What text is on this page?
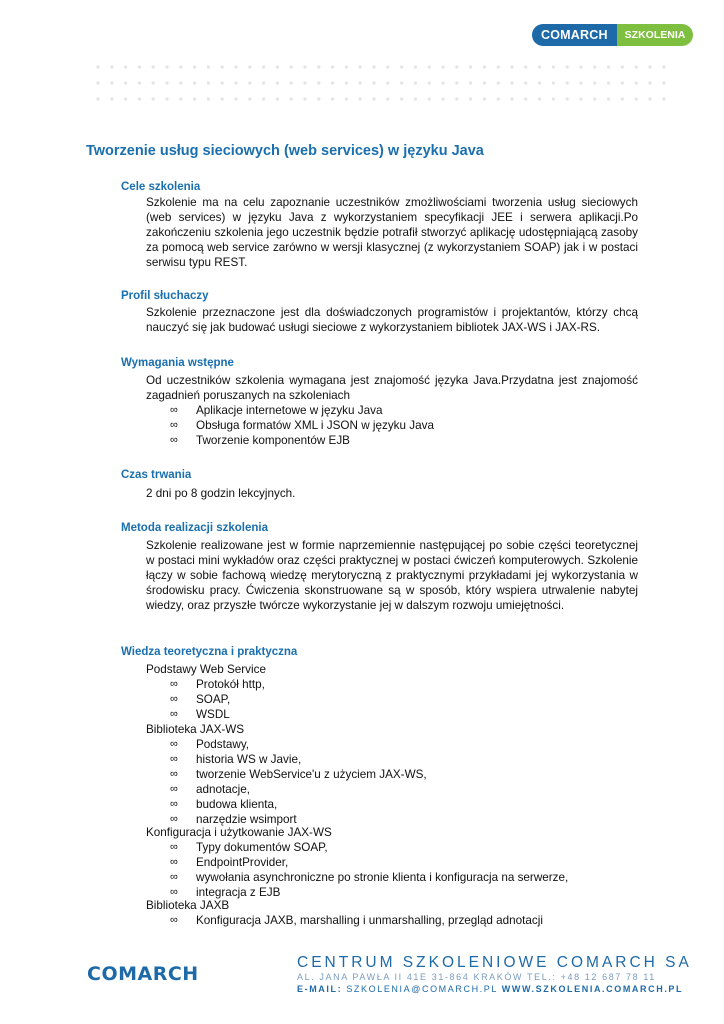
COMARCH	SZKOLENIA
Tworzenie usług sieciowych (web services) w języku Java
Cele szkolenia
Szkolenie ma na celu zapoznanie uczestników zmożliwościami tworzenia usług sieciowych (web services) w języku Java z wykorzystaniem specyfikacji JEE i serwera aplikacji.Po zakończeniu szkolenia jego uczestnik będzie potrafił stworzyć aplikację udostępniającą zasoby za pomocą web service zarówno w wersji klasycznej (z wykorzystaniem SOAP) jak i w postaci serwisu typu REST.
Profil słuchaczy
Szkolenie przeznaczone jest dla doświadczonych programistów i projektantów, którzy chcą nauczyć się jak budować usługi sieciowe z wykorzystaniem bibliotek JAX-WS i JAX-RS.
Wymagania wstępne
Od uczestników szkolenia wymagana jest znajomość języka Java.Przydatna jest znajomość zagadnień poruszanych na szkoleniach
∞	Aplikacje internetowe w języku Java
∞	Obsługa formatów XML i JSON w języku Java
∞	Tworzenie komponentów EJB
Czas trwania
2 dni po 8 godzin lekcyjnych.
Metoda realizacji szkolenia
Szkolenie realizowane jest w formie naprzemiennie następującej po sobie części teoretycznej w postaci mini wykładów oraz części praktycznej w postaci ćwiczeń komputerowych. Szkolenie łączy w sobie fachową wiedzę merytoryczną z praktycznymi przykładami jej wykorzystania w środowisku pracy. Ćwiczenia skonstruowane są w sposób, który wspiera utrwalenie nabytej wiedzy, oraz przyszłe twórcze wykorzystanie jej w dalszym rozwoju umiejętności.
Wiedza teoretyczna i praktyczna
Podstawy Web Service
∞	Protokół http,
∞	SOAP,
∞	WSDL
Biblioteka JAX-WS
∞	Podstawy,
∞	historia WS w Javie,
∞	tworzenie WebService'u z użyciem JAX-WS,
∞	adnotacje,
∞	budowa klienta,
∞	narzędzie wsimport
Konfiguracja i użytkowanie JAX-WS
∞	Typy dokumentów SOAP,
∞	EndpointProvider,
∞	wywołania asynchroniczne po stronie klienta i konfiguracja na serwerze,
∞	integracja z EJB
Biblioteka JAXB
∞	Konfiguracja JAXB, marshalling i unmarshalling, przegląd adnotacji
COMARCH
CENTRUM SZKOLENIOWE COMARCH SA
AL. JANA PAWŁA II 41E 31-864 KRAKÓW TEL.: +48 12 687 78 11
E-MAIL: SZKOLENIA@COMARCH.PL WWW.SZKOLENIA.COMARCH.PL
